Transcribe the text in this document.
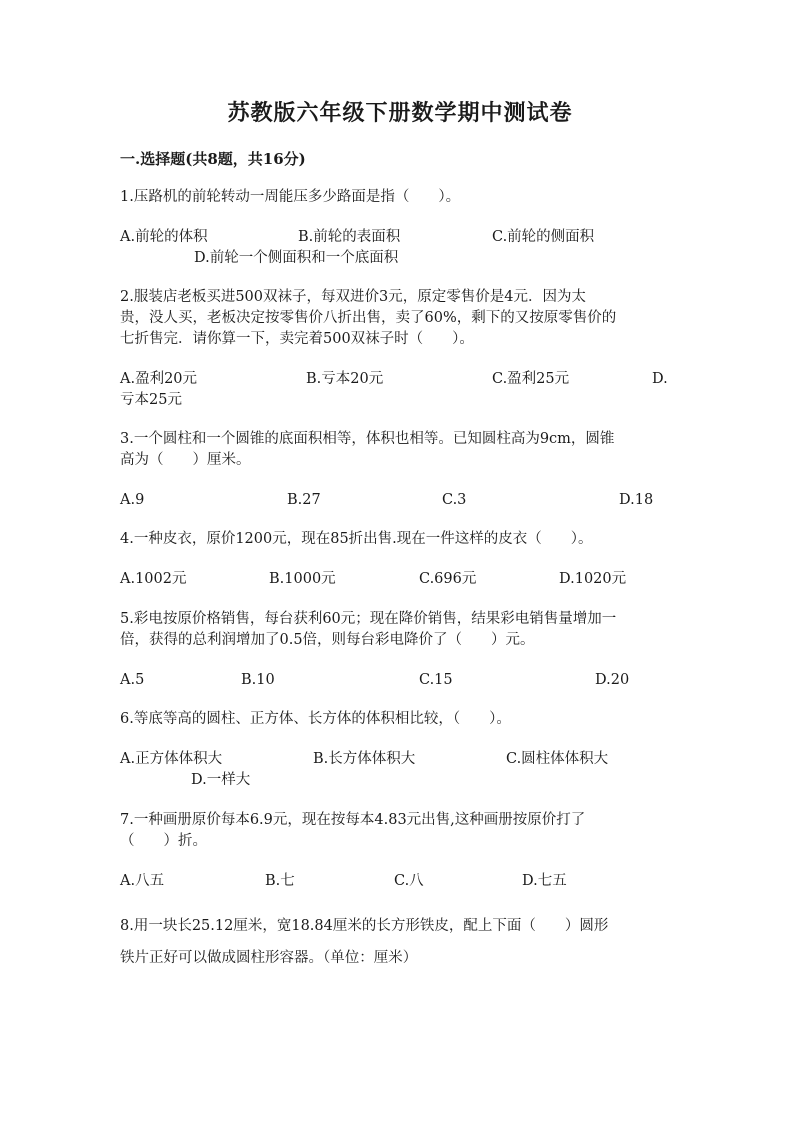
苏教版六年级下册数学期中测试卷
一.选择题(共8题，共16分)
1.压路机的前轮转动一周能压多少路面是指（　　）。
A.前轮的体积	B.前轮的表面积	C.前轮的侧面积
D.前轮一个侧面积和一个底面积
2.服装店老板买进500双袜子，每双进价3元，原定零售价是4元．因为太
贵，没人买，老板决定按零售价八折出售，卖了60%，剩下的又按原零售价的
七折售完．请你算一下，卖完着500双袜子时（　　）。
A.盈利20元	B.亏本20元	C.盈利25元	D.
亏本25元
3.一个圆柱和一个圆锥的底面积相等，体积也相等。已知圆柱高为9cm，圆锥
高为（　　）厘米。
A.9	B.27	C.3	D.18
4.一种皮衣，原价1200元，现在85折出售.现在一件这样的皮衣（　　）。
A.1002元	B.1000元	C.696元	D.1020元
5.彩电按原价格销售，每台获利60元；现在降价销售，结果彩电销售量增加一
倍，获得的总利润增加了0.5倍，则每台彩电降价了（　　）元。
A.5	B.10	C.15	D.20
6.等底等高的圆柱、正方体、长方体的体积相比较，（　　）。
A.正方体体积大	B.长方体体积大	C.圆柱体体积大
D.一样大
7.一种画册原价每本6.9元，现在按每本4.83元出售,这种画册按原价打了
（　　）折。
A.八五	B.七	C.八	D.七五
8.用一块长25.12厘米，宽18.84厘米的长方形铁皮，配上下面（　　）圆形
铁片正好可以做成圆柱形容器。（单位：厘米）
